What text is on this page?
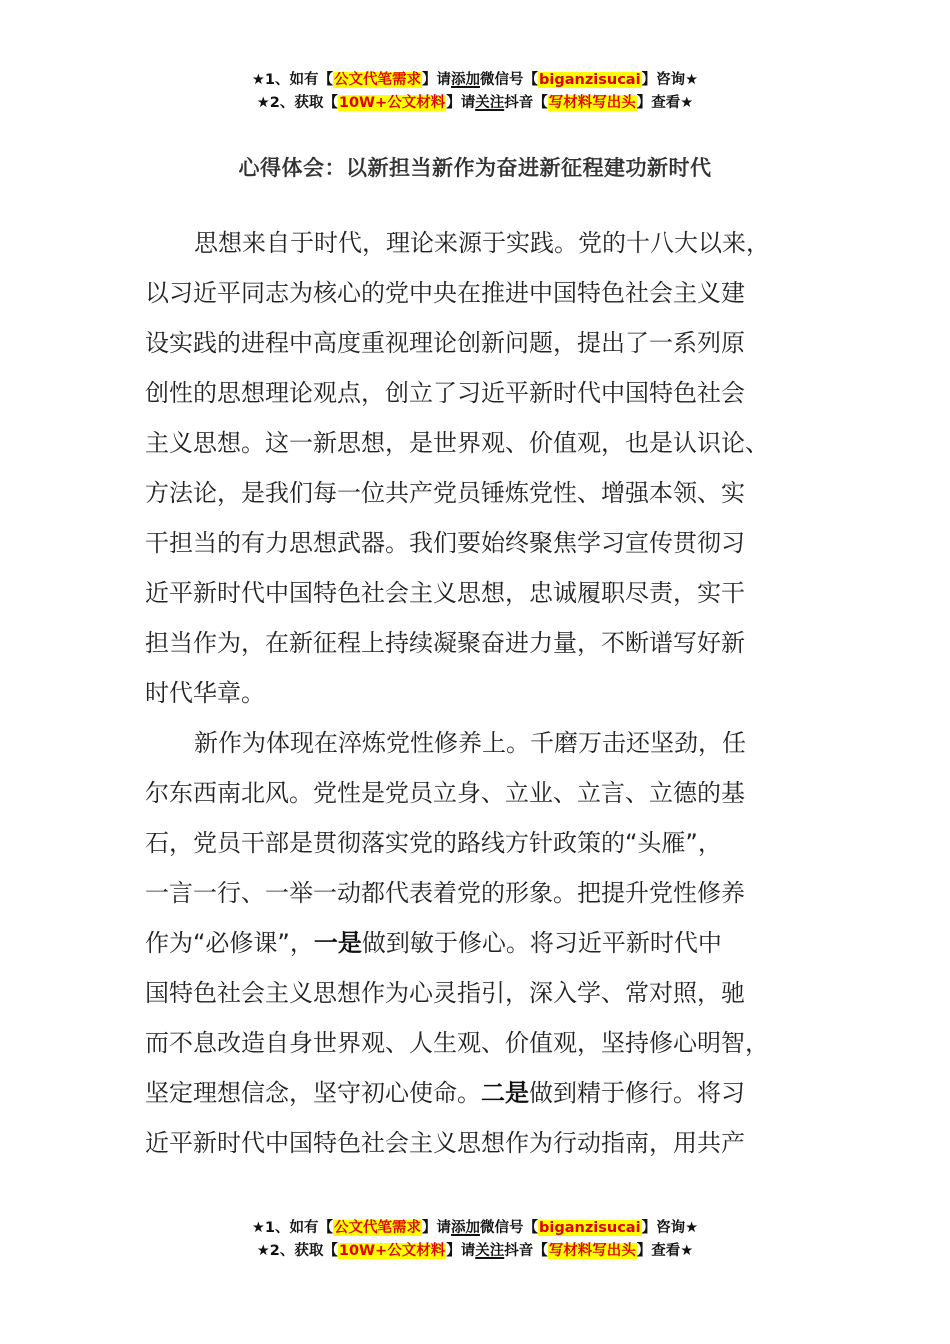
★1、如有【公文代笔需求】请添加微信号【biganzisucai】咨询★
★2、获取【10W+公文材料】请关注抖音【写材料写出头】查看★
心得体会：以新担当新作为奋进新征程建功新时代
思想来自于时代，理论来源于实践。党的十八大以来，
以习近平同志为核心的党中央在推进中国特色社会主义建
设实践的进程中高度重视理论创新问题，提出了一系列原
创性的思想理论观点，创立了习近平新时代中国特色社会
主义思想。这一新思想，是世界观、价值观，也是认识论、
方法论，是我们每一位共产党员锤炼党性、增强本领、实
干担当的有力思想武器。我们要始终聚焦学习宣传贯彻习
近平新时代中国特色社会主义思想，忠诚履职尽责，实干
担当作为，在新征程上持续凝聚奋进力量，不断谱写好新
时代华章。
新作为体现在淬炼党性修养上。千磨万击还坚劲，任
尔东西南北风。党性是党员立身、立业、立言、立德的基
石，党员干部是贯彻落实党的路线方针政策的“头雁”，
一言一行、一举一动都代表着党的形象。把提升党性修养
作为“必修课”，一是做到敏于修心。将习近平新时代中
国特色社会主义思想作为心灵指引，深入学、常对照，驰
而不息改造自身世界观、人生观、价值观，坚持修心明智，
坚定理想信念，坚守初心使命。二是做到精于修行。将习
近平新时代中国特色社会主义思想作为行动指南，用共产
★1、如有【公文代笔需求】请添加微信号【biganzisucai】咨询★
★2、获取【10W+公文材料】请关注抖音【写材料写出头】查看★
